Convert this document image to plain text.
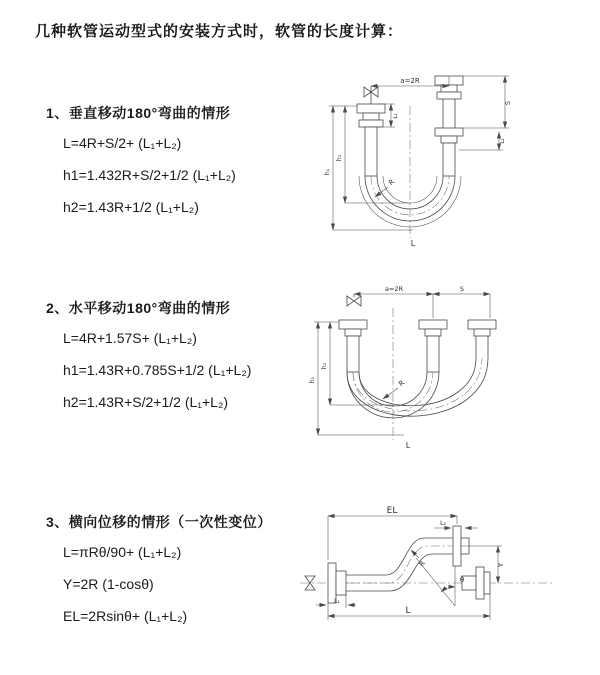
几种软管运动型式的安装方式时，软管的长度计算：
1、垂直移动180°弯曲的情形
L=4R+S/2+ (L₁+L₂)
h1=1.432R+S/2+1/2 (L₁+L₂)
h2=1.43R+1/2 (L₁+L₂)
2、水平移动180°弯曲的情形
L=4R+1.57S+ (L₁+L₂)
h1=1.43R+0.785S+1/2 (L₁+L₂)
h2=1.43R+S/2+1/2 (L₁+L₂)
3、横向位移的情形（一次性变位）
L=πRθ/90+ (L₁+L₂)
Y=2R (1-cosθ)
EL=2Rsinθ+ (L₁+L₂)
a=2R
h₁
h₂
L₁
S
L₂
R
L
a=2R	S
h₁
h₂
R
L
EL
L₂
Y
R
θ
L
L₁
